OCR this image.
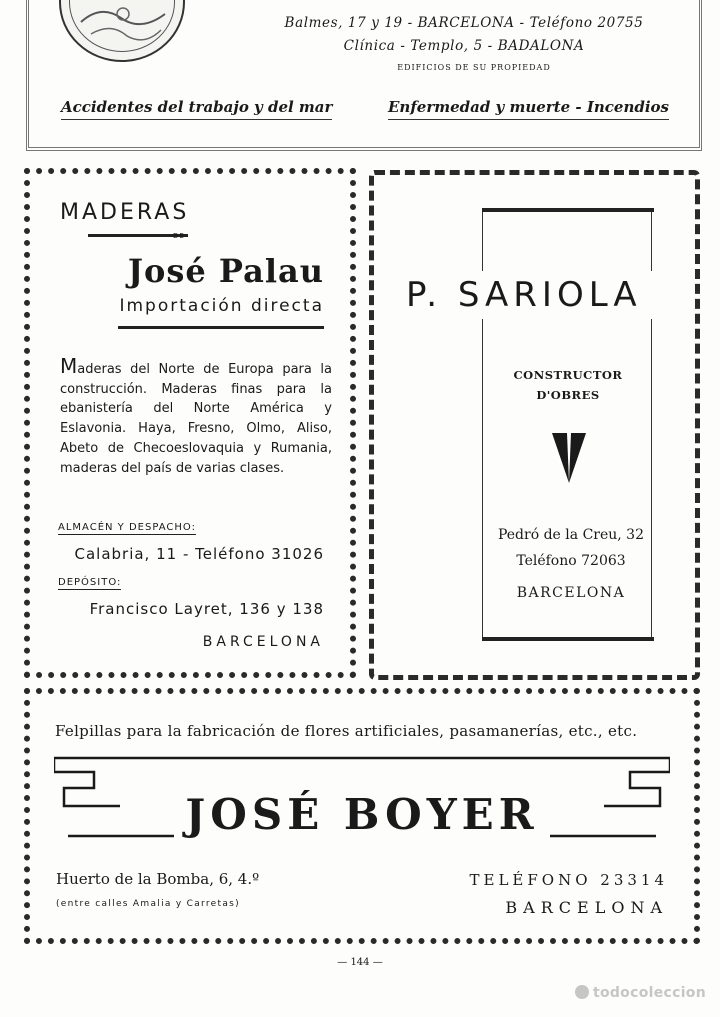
Balmes, 17 y 19 - BARCELONA - Teléfono 20755
Clínica - Templo, 5 - BADALONA
EDIFICIOS DE SU PROPIEDAD
Accidentes del trabajo y del mar	Enfermedad y muerte - Incendios
MADERAS
DE
José Palau
Importación directa
Maderas del Norte de Europa para la construcción. Maderas finas para la ebanistería del Norte América y Eslavonia. Haya, Fresno, Olmo, Aliso, Abeto de Checoeslovaquia y Rumania, maderas del país de varias clases.
ALMACÉN Y DESPACHO:
Calabria, 11 - Teléfono 31026
DEPÓSITO:
Francisco Layret, 136 y 138
BARCELONA
P. SARIOLA
CONSTRUCTOR
D'OBRES
Pedró de la Creu, 32
Teléfono 72063
BARCELONA
Felpillas para la fabricación de flores artificiales, pasamanerías, etc., etc.
JOSÉ BOYER
Huerto de la Bomba, 6, 4.º
(entre calles Amalia y Carretas)
TELÉFONO 23314
BARCELONA
— 144 —
todocoleccion
